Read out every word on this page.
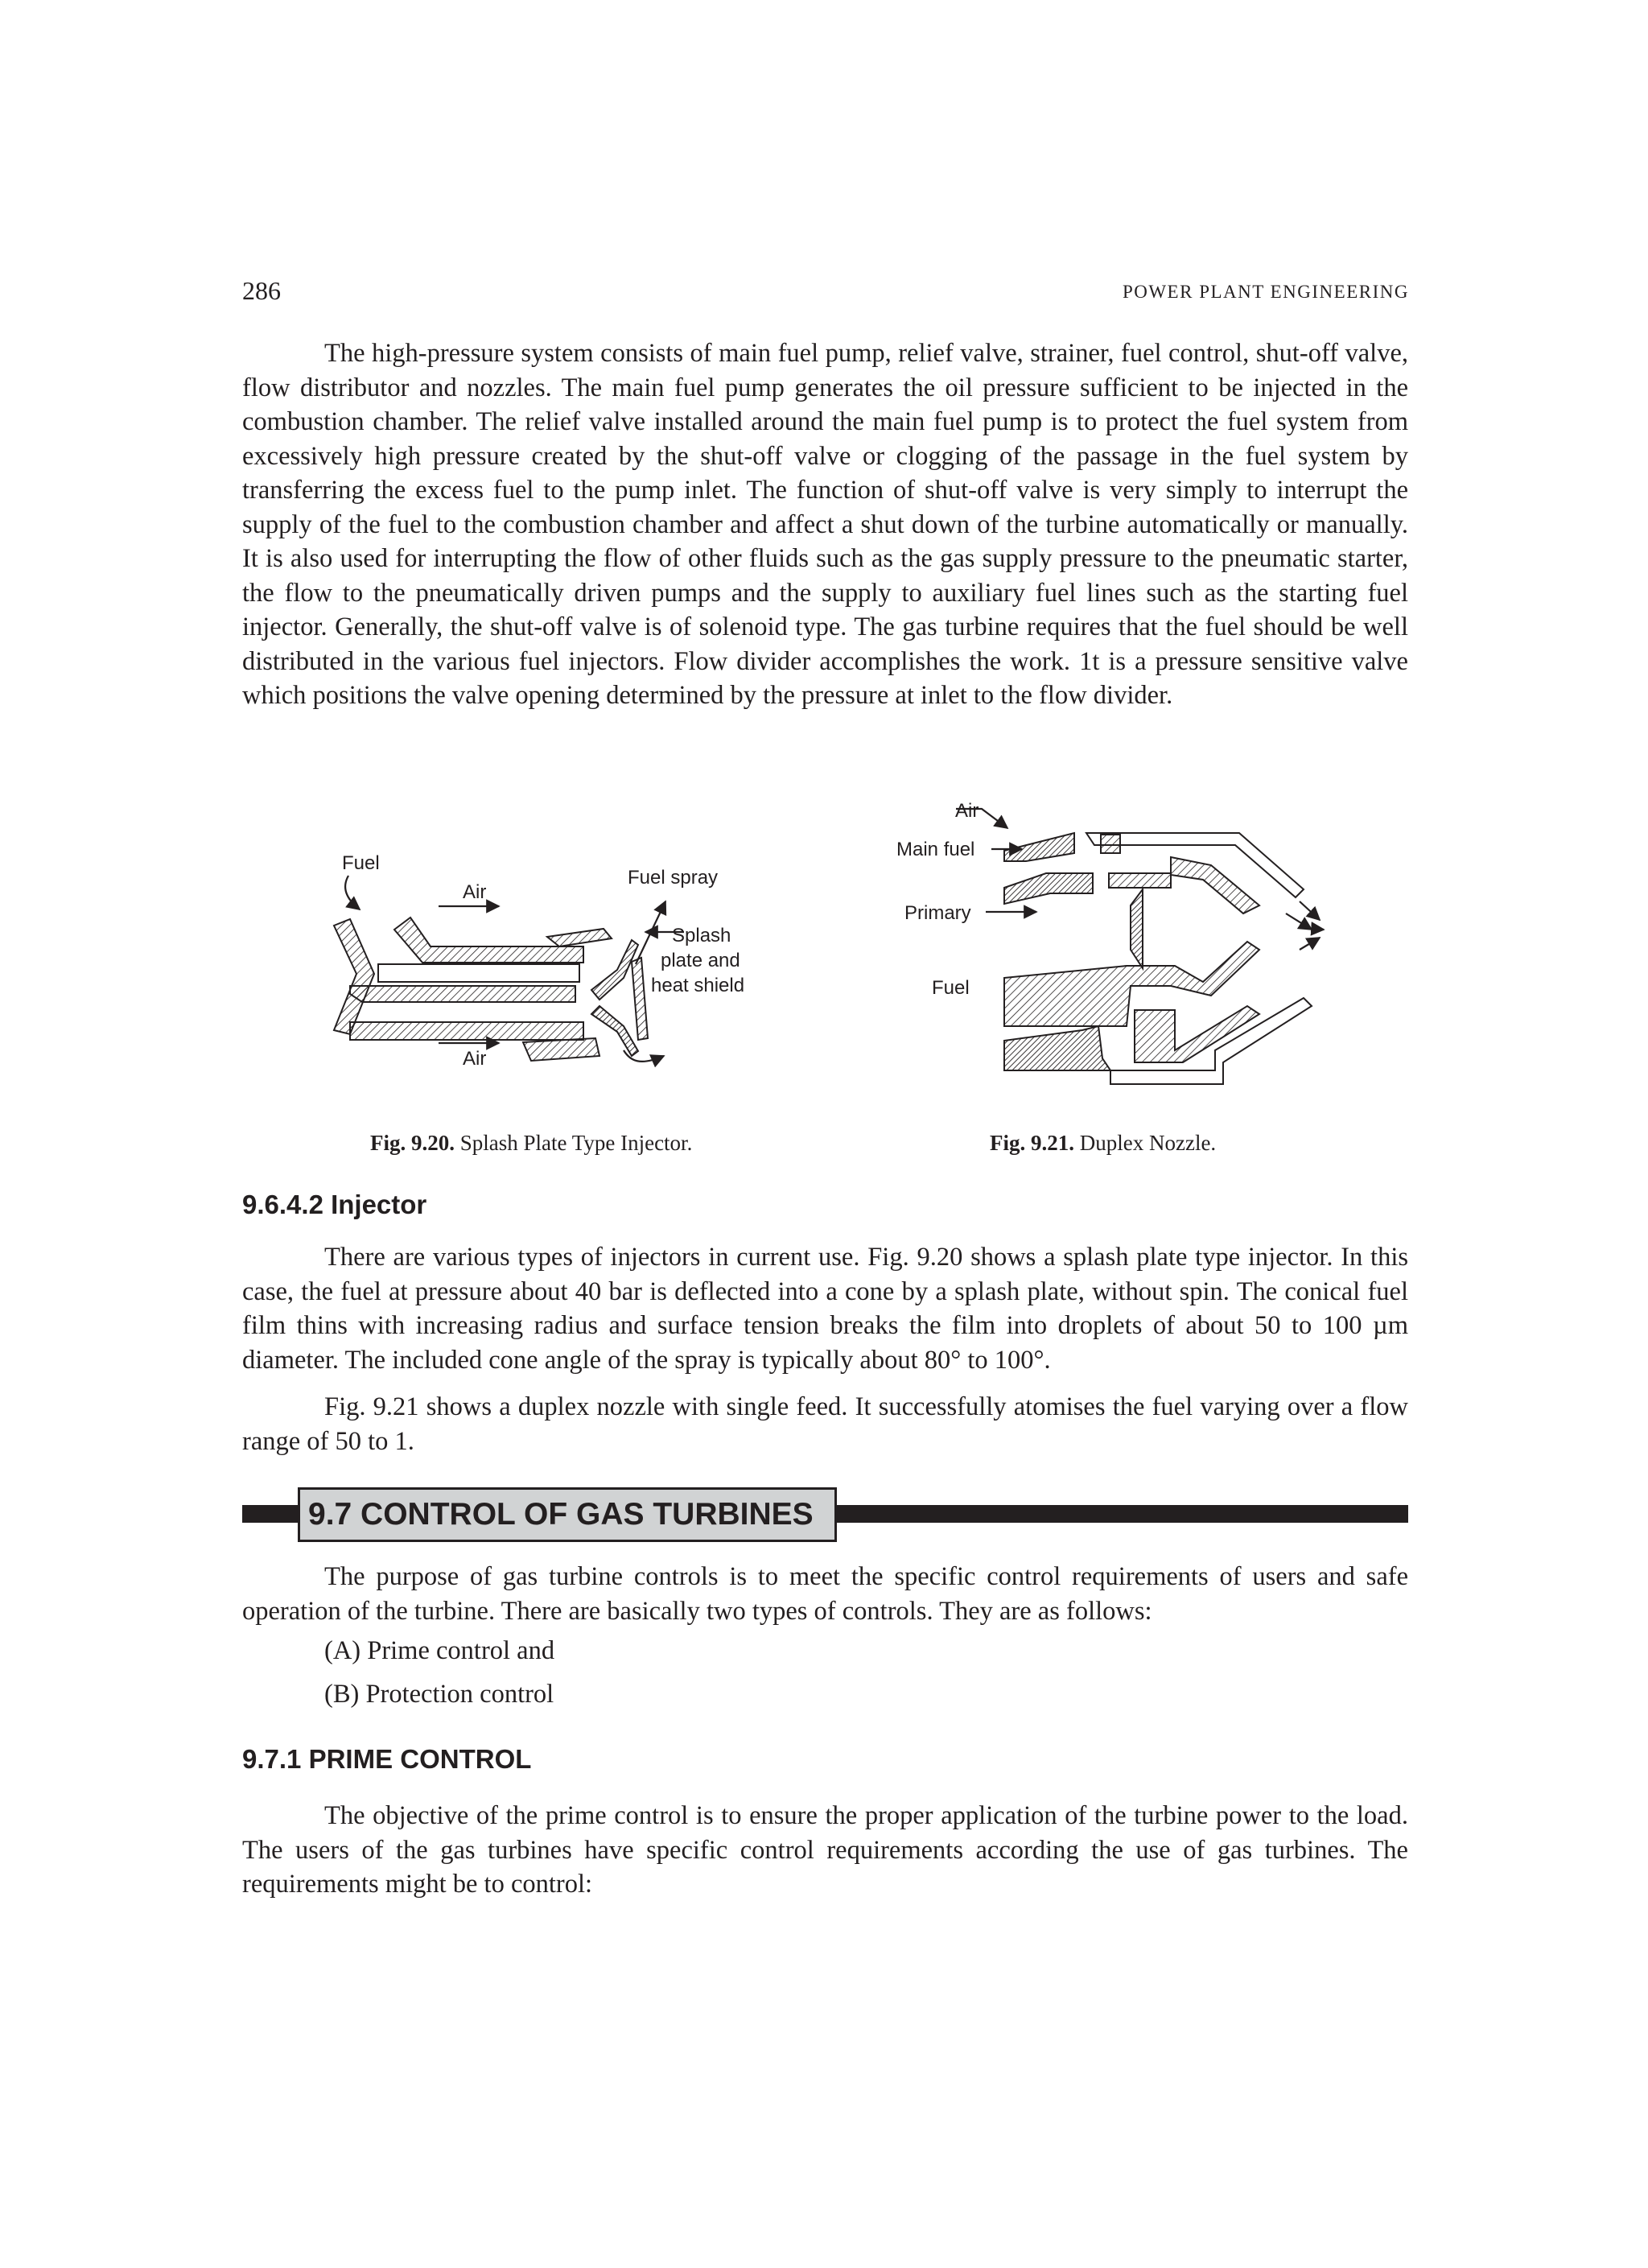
286	POWER PLANT ENGINEERING

The high-pressure system consists of main fuel pump, relief valve, strainer, fuel control, shut-off valve, flow distributor and nozzles. The main fuel pump generates the oil pressure sufficient to be injected in the combustion chamber. The relief valve installed around the main fuel pump is to protect the fuel system from excessively high pressure created by the shut-off valve or clogging of the passage in the fuel system by transferring the excess fuel to the pump inlet. The function of shut-off valve is very simply to interrupt the supply of the fuel to the combustion chamber and affect a shut down of the turbine automatically or manually. It is also used for interrupting the flow of other fluids such as the gas supply pressure to the pneumatic starter, the flow to the pneumatically driven pumps and the supply to auxiliary fuel lines such as the starting fuel injector. Generally, the shut-off valve is of solenoid type. The gas turbine requires that the fuel should be well distributed in the various fuel injectors. Flow divider accomplishes the work. 1t is a pressure sensitive valve which positions the valve opening determined by the pressure at inlet to the flow divider.

Fuel
Air
Fuel spray
Splash
plate and
heat shield
Air
Air
Main fuel
Primary
Fuel
Fig. 9.20. Splash Plate Type Injector.	Fig. 9.21. Duplex Nozzle.
9.6.4.2 Injector

There are various types of injectors in current use. Fig. 9.20 shows a splash plate type injector. In this case, the fuel at pressure about 40 bar is deflected into a cone by a splash plate, without spin. The conical fuel film thins with increasing radius and surface tension breaks the film into droplets of about 50 to 100 µm diameter. The included cone angle of the spray is typically about 80° to 100°.

Fig. 9.21 shows a duplex nozzle with single feed. It successfully atomises the fuel varying over a flow range of 50 to 1.

9.7 CONTROL OF GAS TURBINES

The purpose of gas turbine controls is to meet the specific control requirements of users and safe operation of the turbine. There are basically two types of controls. They are as follows:

(A) Prime control and
(B) Protection control
9.7.1 PRIME CONTROL

The objective of the prime control is to ensure the proper application of the turbine power to the load. The users of the gas turbines have specific control requirements according the use of gas turbines. The requirements might be to control:
